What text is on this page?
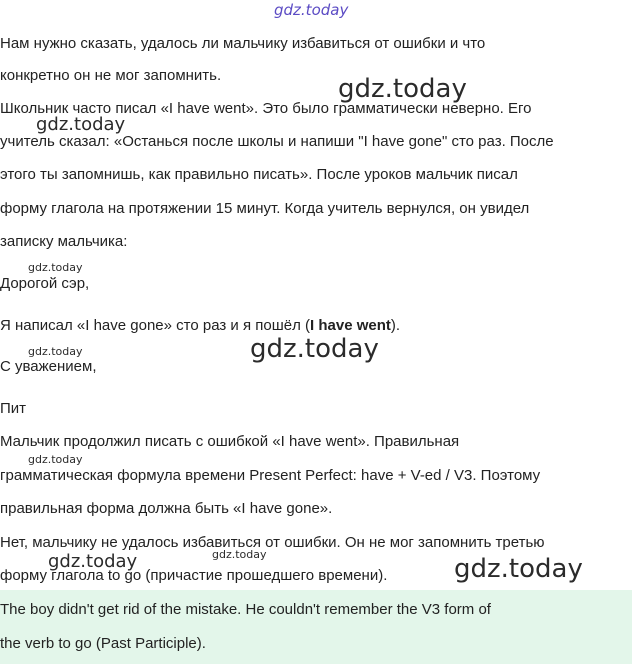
Нам нужно сказать, удалось ли мальчику избавиться от ошибки и что
конкретно он не мог запомнить.
Школьник часто писал «I have went». Это было грамматически неверно. Его
учитель сказал: «Останься после школы и напиши "I have gone" сто раз. После
этого ты запомнишь, как правильно писать». После уроков мальчик писал
форму глагола на протяжении 15 минут. Когда учитель вернулся, он увидел
записку мальчика:
Дорогой сэр,
Я написал «I have gone» сто раз и я пошёл (I have went).
С уважением,
Пит
Мальчик продолжил писать с ошибкой «I have went». Правильная
грамматическая формула времени Present Perfect: have + V-ed / V3. Поэтому
правильная форма должна быть «I have gone».
Нет, мальчику не удалось избавиться от ошибки. Он не мог запомнить третью
форму глагола to go (причастие прошедшего времени).
The boy didn't get rid of the mistake. He couldn't remember the V3 form of
the verb to go (Past Participle).
gdz.today
gdz.today
gdz.today
gdz.today
gdz.today	gdz.today
gdz.today
gdz.today	gdz.today	gdz.today
